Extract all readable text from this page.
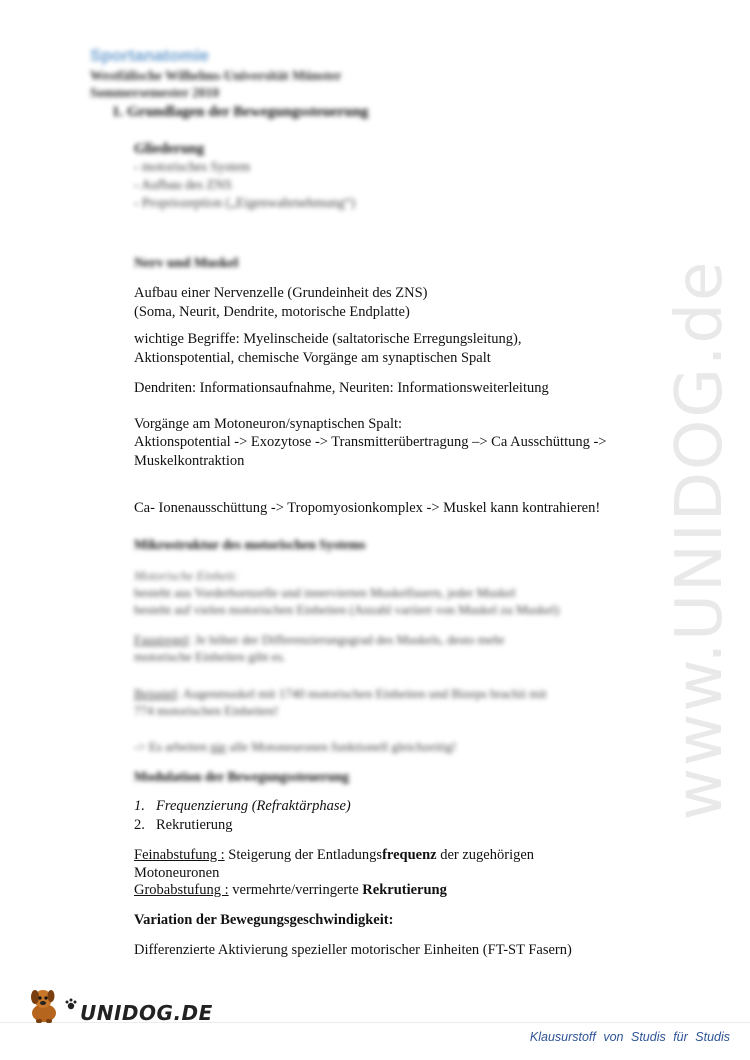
www.UNIDOG.de
Sportanatomie
Westfälische Wilhelms-Universität Münster
Sommersemester 2010
1. Grundlagen der Bewegungssteuerung
Gliederung
- motorisches System
- Aufbau des ZNS
- Propriozeption („Eigenwahrnehmung“)
Nerv und Muskel
Aufbau einer Nervenzelle (Grundeinheit des ZNS)
(Soma, Neurit, Dendrite, motorische Endplatte)
wichtige Begriffe: Myelinscheide (saltatorische Erregungsleitung),
Aktionspotential, chemische Vorgänge am synaptischen Spalt
Dendriten: Informationsaufnahme, Neuriten: Informationsweiterleitung
Vorgänge am Motoneuron/synaptischen Spalt:
Aktionspotential -> Exozytose -> Transmitterübertragung –> Ca Ausschüttung ->
Muskelkontraktion
Ca- Ionenausschüttung -> Tropomyosionkomplex -> Muskel kann kontrahieren!
Mikrostruktur des motorischen Systems
Motorische Einheit:
besteht aus Vorderhornzelle und innervierten Muskelfasern, jeder Muskel
besteht auf vielen motorischen Einheiten (Anzahl variiert von Muskel zu Muskel)
Faustregel: Je höher der Differenzierungsgrad des Muskels, desto mehr
motorische Einheiten gibt es.
Beispiel: Augenmuskel mit 1740 motorischen Einheiten und Bizeps brachii mit
774 motorischen Einheiten!
-> Es arbeiten nie alle Motoneuronen funktionell gleichzeitig!
Modulation der Bewegungssteuerung
1. Frequenzierung (Refraktärphase)
2. Rekrutierung
Feinabstufung : Steigerung der Entladungsfrequenz der zugehörigen
Motoneuronen
Grobabstufung : vermehrte/verringerte Rekrutierung
Variation der Bewegungsgeschwindigkeit:
Differenzierte Aktivierung spezieller motorischer Einheiten (FT-ST Fasern)
UNIDOG.DE
Klausurstoff von Studis für Studis
